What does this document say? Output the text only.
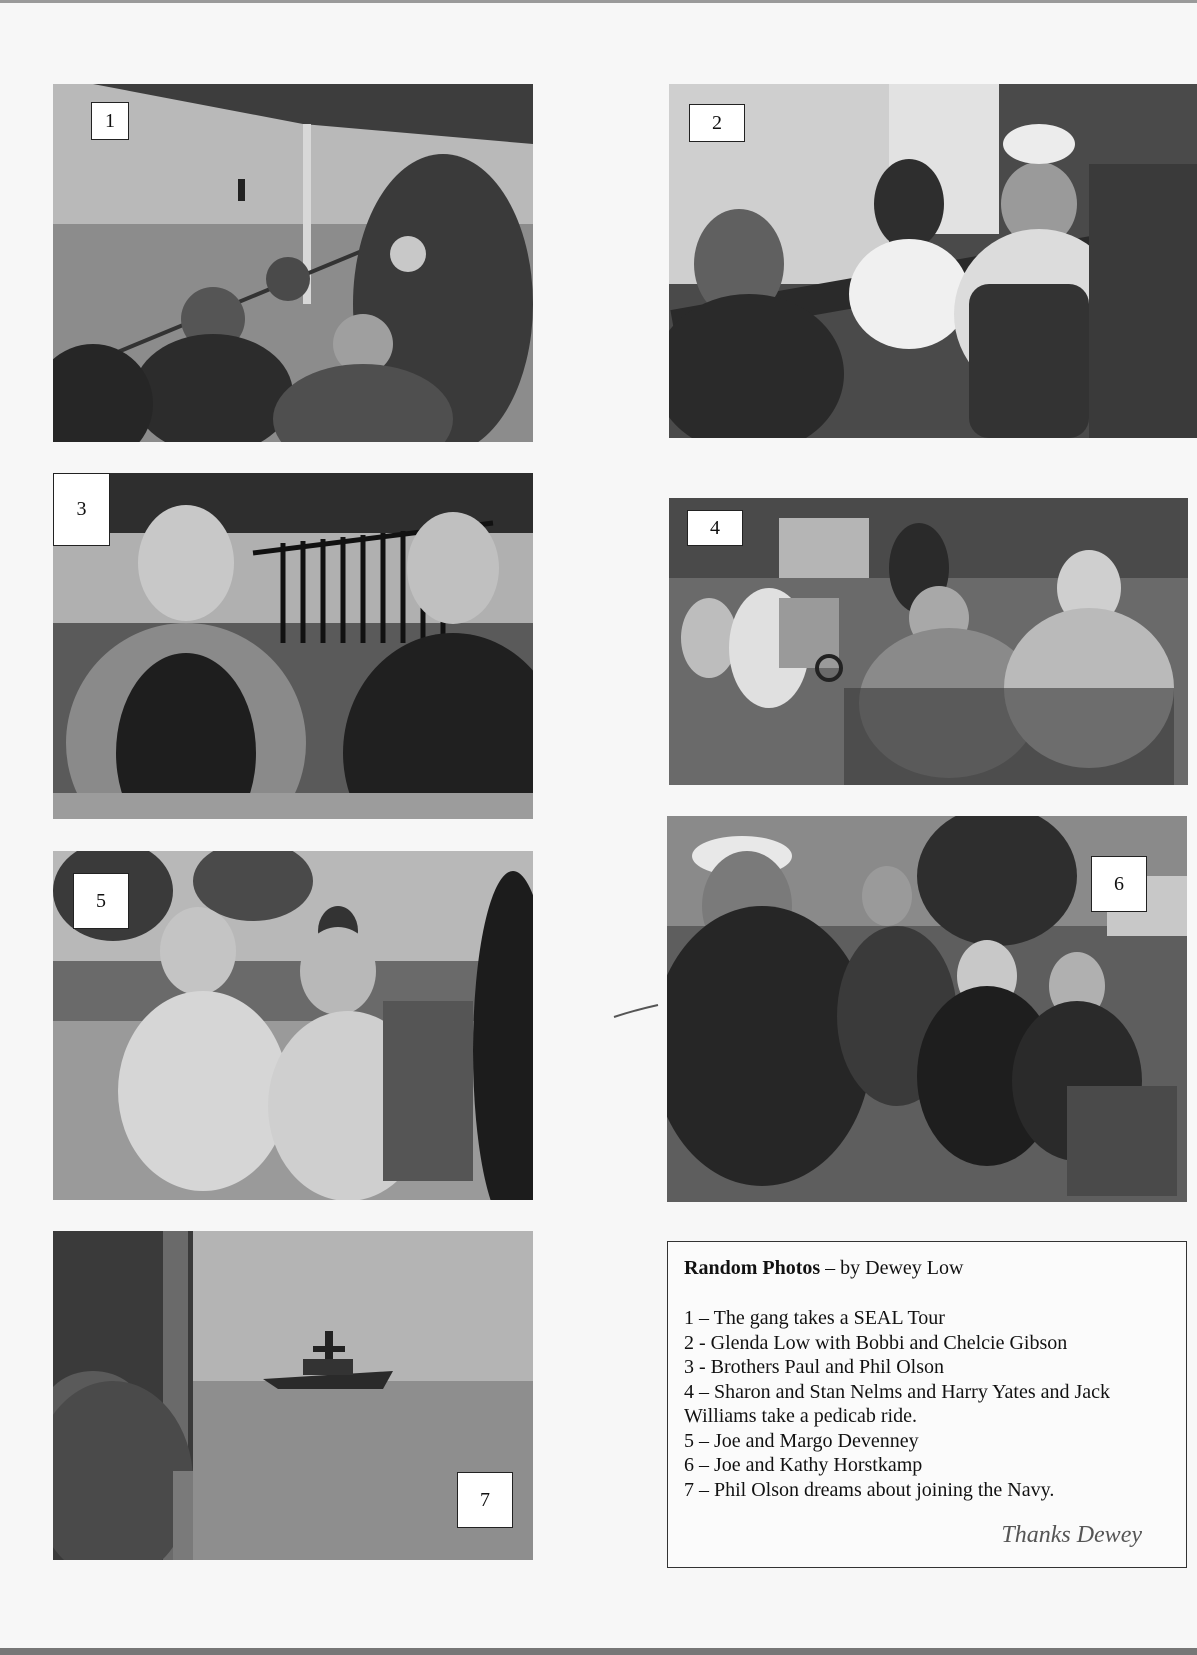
1	2
3
4
5
6
7
Random Photos – by Dewey Low
1 – The gang takes a SEAL Tour
2 - Glenda Low with Bobbi and Chelcie Gibson
3 - Brothers Paul and Phil Olson
4 – Sharon and Stan Nelms and Harry Yates and Jack Williams take a pedicab ride.
5 – Joe and Margo Devenney
6 – Joe and Kathy Horstkamp
7 – Phil Olson dreams about joining the Navy.
Thanks Dewey
